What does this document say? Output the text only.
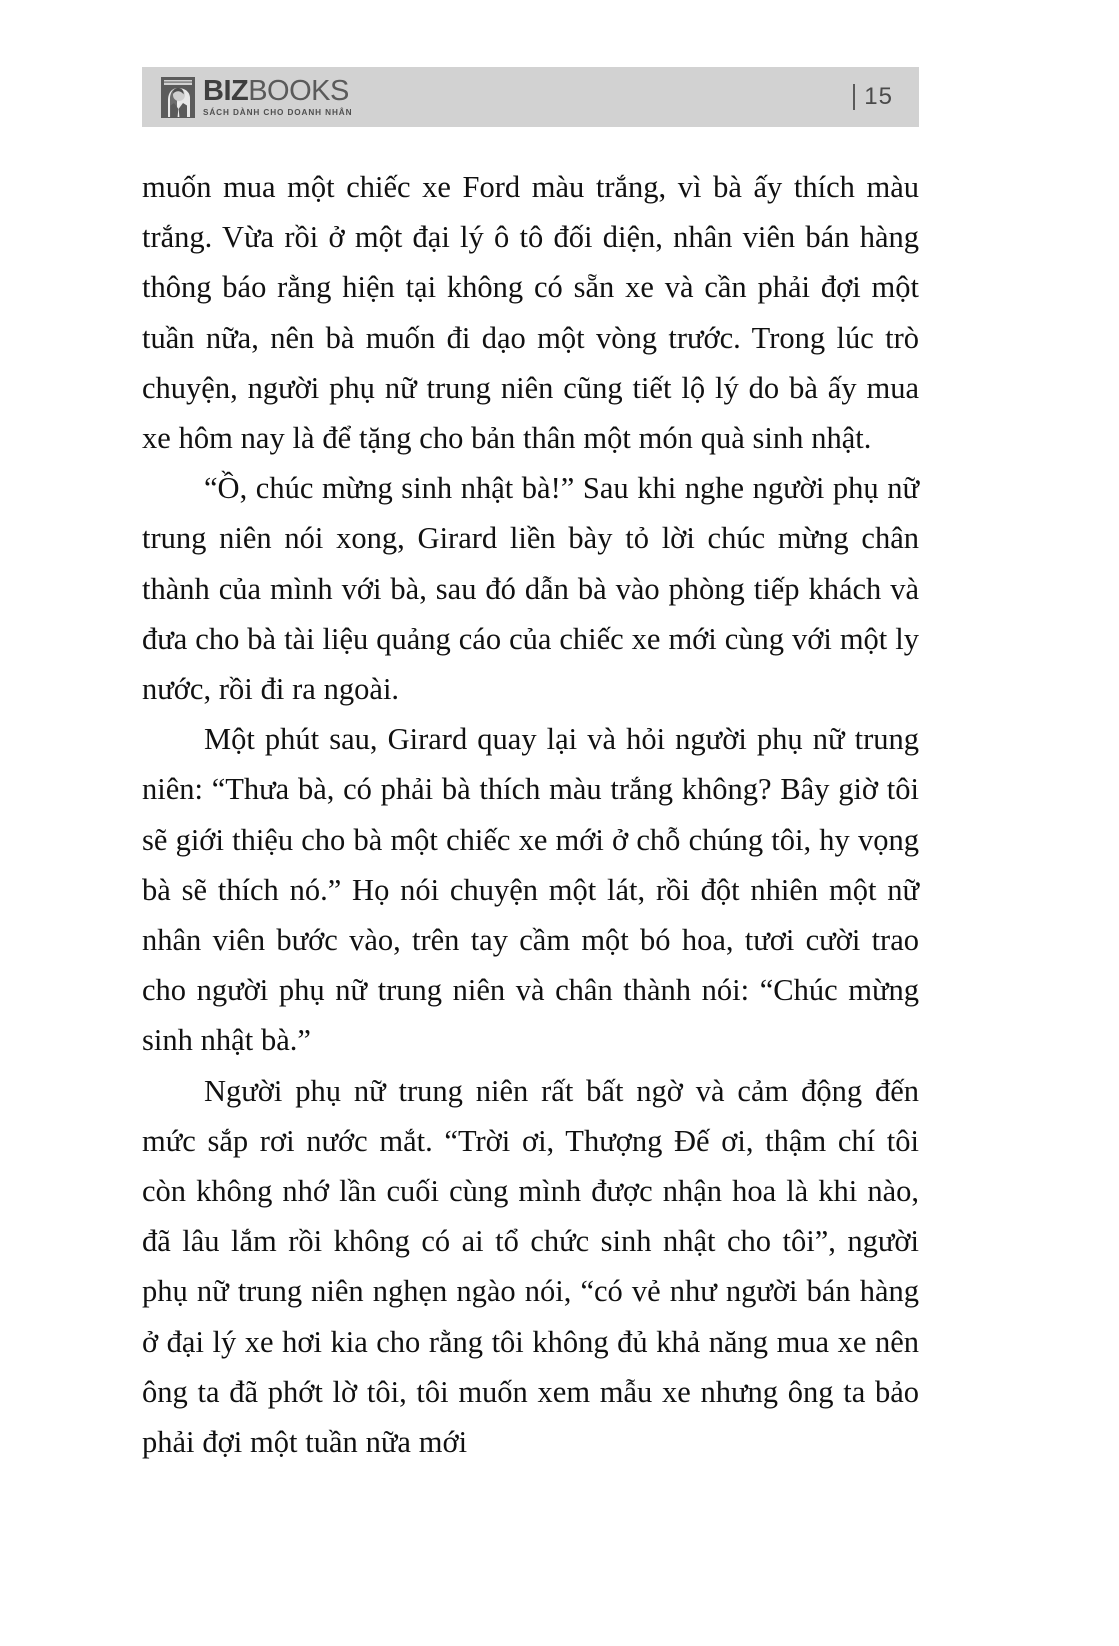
BIZBOOKS
SÁCH DÀNH CHO DOANH NHÂN
15

muốn mua một chiếc xe Ford màu trắng, vì bà ấy thích màu trắng. Vừa rồi ở một đại lý ô tô đối diện, nhân viên bán hàng thông báo rằng hiện tại không có sẵn xe và cần phải đợi một tuần nữa, nên bà muốn đi dạo một vòng trước. Trong lúc trò chuyện, người phụ nữ trung niên cũng tiết lộ lý do bà ấy mua xe hôm nay là để tặng cho bản thân một món quà sinh nhật.

“Ồ, chúc mừng sinh nhật bà!” Sau khi nghe người phụ nữ trung niên nói xong, Girard liền bày tỏ lời chúc mừng chân thành của mình với bà, sau đó dẫn bà vào phòng tiếp khách và đưa cho bà tài liệu quảng cáo của chiếc xe mới cùng với một ly nước, rồi đi ra ngoài.

Một phút sau, Girard quay lại và hỏi người phụ nữ trung niên: “Thưa bà, có phải bà thích màu trắng không? Bây giờ tôi sẽ giới thiệu cho bà một chiếc xe mới ở chỗ chúng tôi, hy vọng bà sẽ thích nó.” Họ nói chuyện một lát, rồi đột nhiên một nữ nhân viên bước vào, trên tay cầm một bó hoa, tươi cười trao cho người phụ nữ trung niên và chân thành nói: “Chúc mừng sinh nhật bà.”

Người phụ nữ trung niên rất bất ngờ và cảm động đến mức sắp rơi nước mắt. “Trời ơi, Thượng Đế ơi, thậm chí tôi còn không nhớ lần cuối cùng mình được nhận hoa là khi nào, đã lâu lắm rồi không có ai tổ chức sinh nhật cho tôi”, người phụ nữ trung niên nghẹn ngào nói, “có vẻ như người bán hàng ở đại lý xe hơi kia cho rằng tôi không đủ khả năng mua xe nên ông ta đã phớt lờ tôi, tôi muốn xem mẫu xe nhưng ông ta bảo phải đợi một tuần nữa mới
